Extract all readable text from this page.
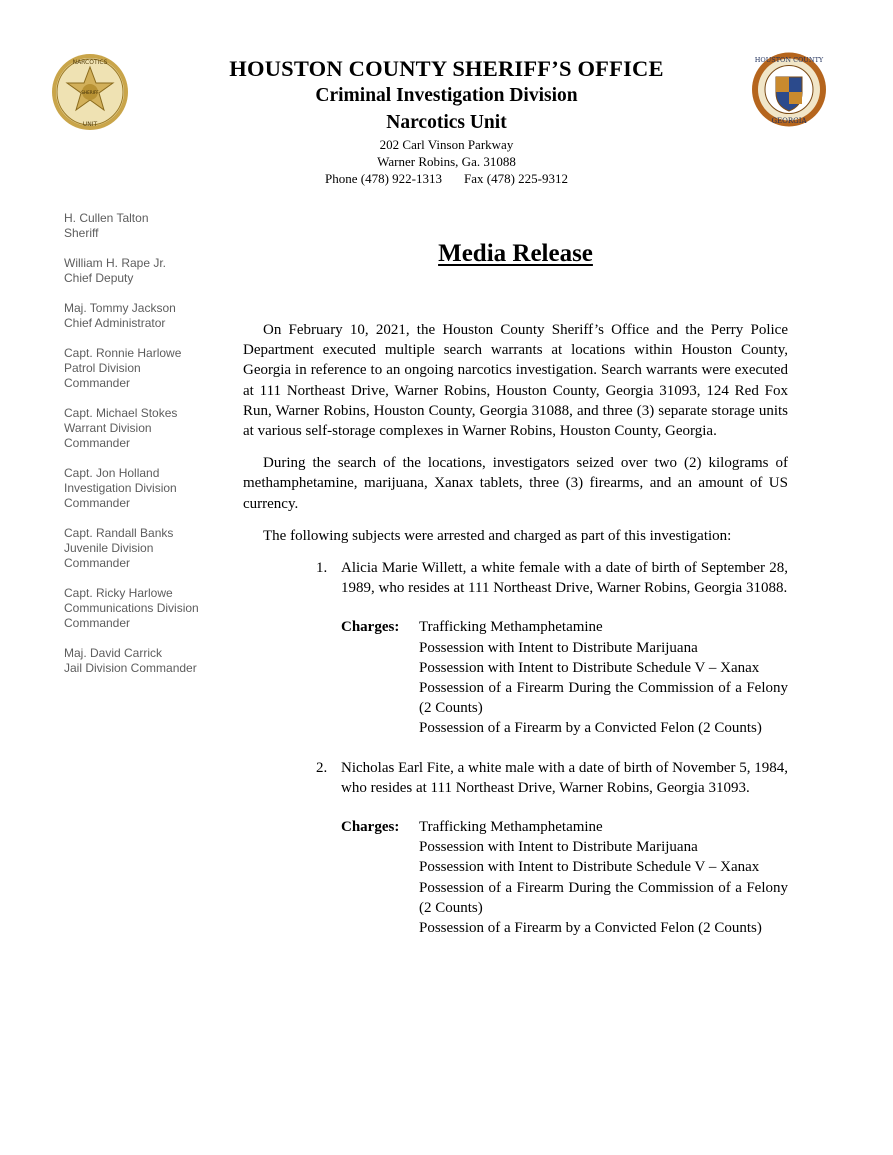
NARCOTICS
SHERIFF
UNIT
HOUSTON COUNTY
GEORGIA
HOUSTON COUNTY SHERIFF’S OFFICE
Criminal Investigation Division
Narcotics Unit
202 Carl Vinson Parkway
Warner Robins, Ga. 31088
Phone (478) 922-1313 Fax (478) 225-9312
H. Cullen Talton
Sheriff
William H. Rape Jr.
Chief Deputy
Maj. Tommy Jackson
Chief Administrator
Capt. Ronnie Harlowe
Patrol Division
Commander
Capt. Michael Stokes
Warrant Division
Commander
Capt. Jon Holland
Investigation Division
Commander
Capt. Randall Banks
Juvenile Division
Commander
Capt. Ricky Harlowe
Communications Division
Commander
Maj. David Carrick
Jail Division Commander
Media Release

On February 10, 2021, the Houston County Sheriff’s Office and the Perry Police Department executed multiple search warrants at locations within Houston County, Georgia in reference to an ongoing narcotics investigation. Search warrants were executed at 111 Northeast Drive, Warner Robins, Houston County, Georgia 31093, 124 Red Fox Run, Warner Robins, Houston County, Georgia 31088, and three (3) separate storage units at various self-storage complexes in Warner Robins, Houston County, Georgia.

During the search of the locations, investigators seized over two (2) kilograms of methamphetamine, marijuana, Xanax tablets, three (3) firearms, and an amount of US currency.

The following subjects were arrested and charged as part of this investigation:

1. Alicia Marie Willett, a white female with a date of birth of September 28, 1989, who resides at 111 Northeast Drive, Warner Robins, Georgia 31088.

Charges: Trafficking Methamphetamine
Possession with Intent to Distribute Marijuana
Possession with Intent to Distribute Schedule V – Xanax
Possession of a Firearm During the Commission of a Felony (2 Counts)
Possession of a Firearm by a Convicted Felon (2 Counts)
2. Nicholas Earl Fite, a white male with a date of birth of November 5, 1984, who resides at 111 Northeast Drive, Warner Robins, Georgia 31093.

Charges: Trafficking Methamphetamine
Possession with Intent to Distribute Marijuana
Possession with Intent to Distribute Schedule V – Xanax
Possession of a Firearm During the Commission of a Felony (2 Counts)
Possession of a Firearm by a Convicted Felon (2 Counts)
